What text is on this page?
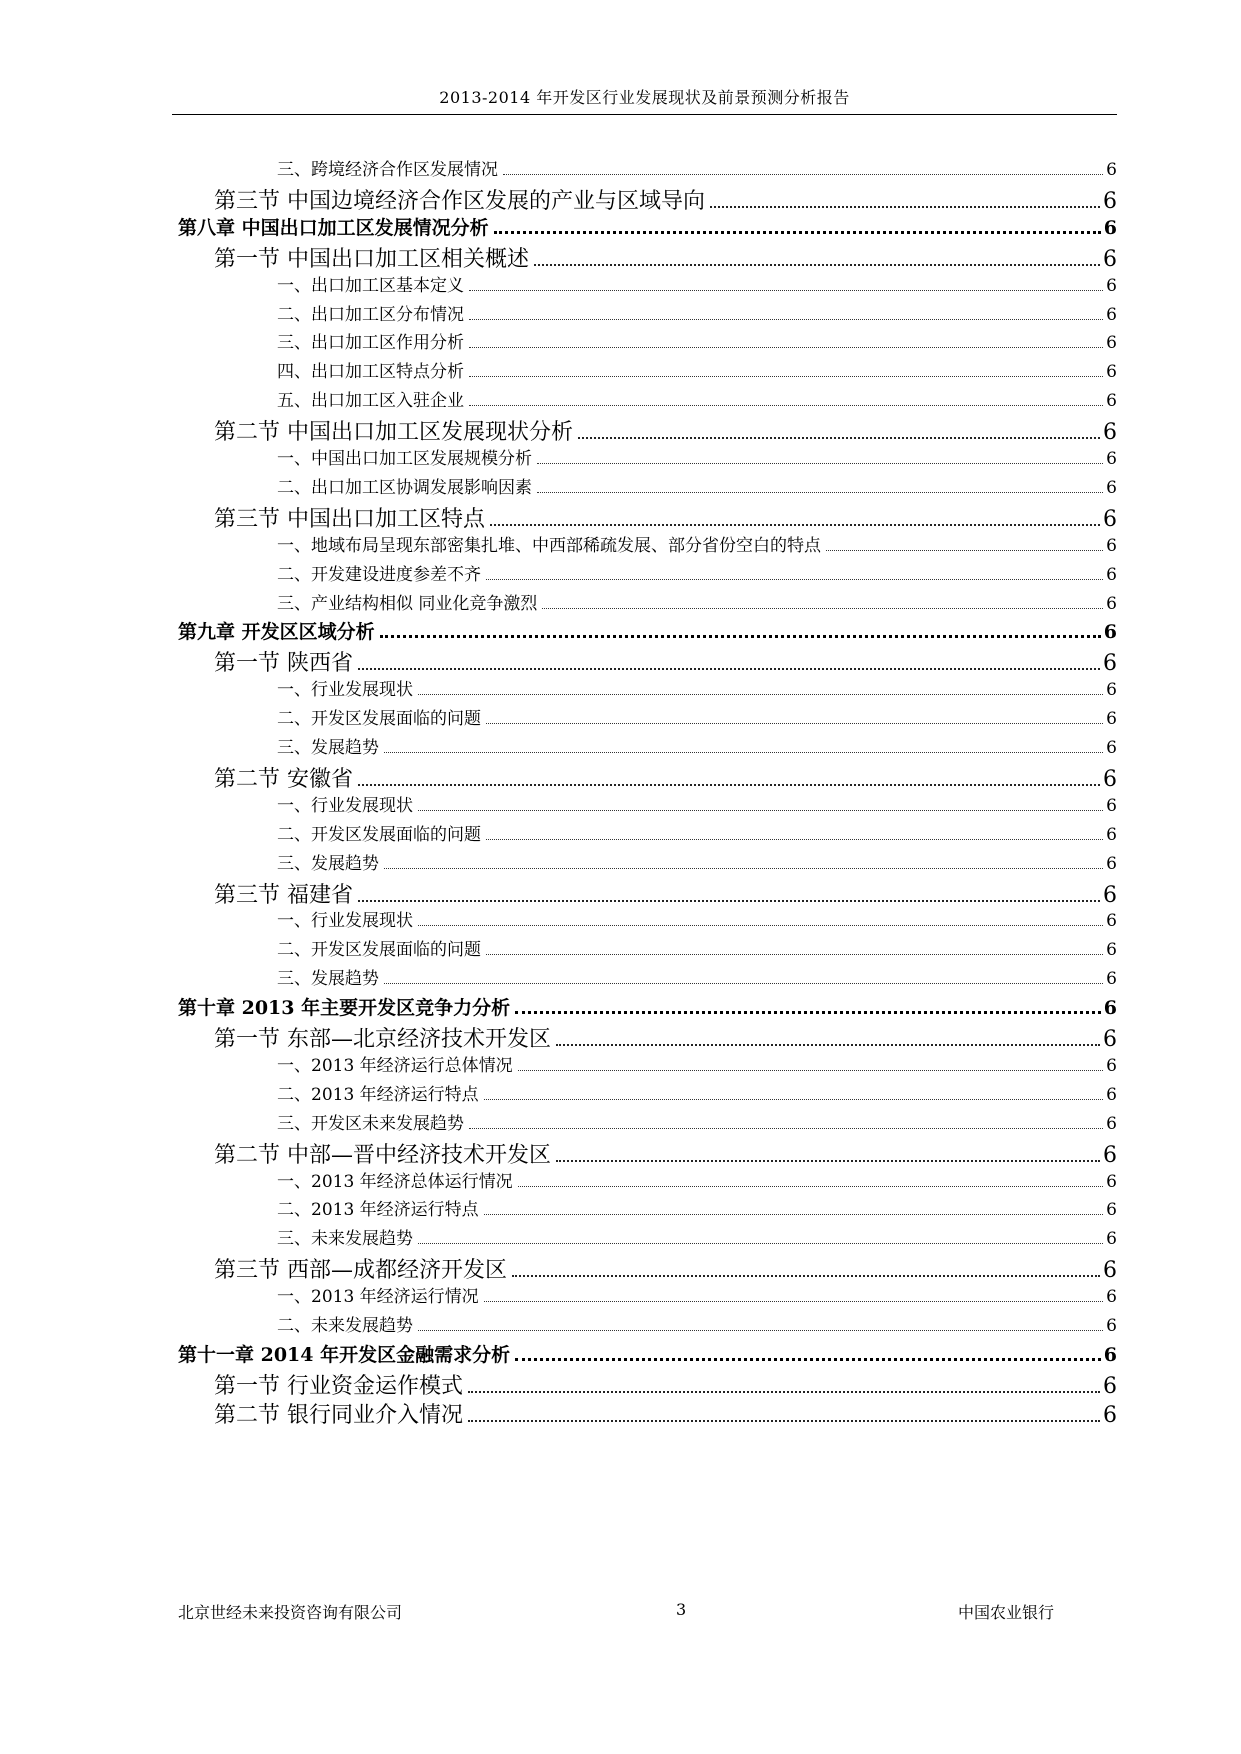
2013-2014 年开发区行业发展现状及前景预测分析报告
三、跨境经济合作区发展情况	6
第三节 中国边境经济合作区发展的产业与区域导向	6
第八章 中国出口加工区发展情况分析	6
第一节 中国出口加工区相关概述	6
一、出口加工区基本定义	6
二、出口加工区分布情况	6
三、出口加工区作用分析	6
四、出口加工区特点分析	6
五、出口加工区入驻企业	6
第二节 中国出口加工区发展现状分析	6
一、中国出口加工区发展规模分析	6
二、出口加工区协调发展影响因素	6
第三节 中国出口加工区特点	6
一、地域布局呈现东部密集扎堆、中西部稀疏发展、部分省份空白的特点	6
二、开发建设进度参差不齐	6
三、产业结构相似 同业化竞争激烈	6
第九章 开发区区域分析	6
第一节 陕西省	6
一、行业发展现状	6
二、开发区发展面临的问题	6
三、发展趋势	6
第二节 安徽省	6
一、行业发展现状	6
二、开发区发展面临的问题	6
三、发展趋势	6
第三节 福建省	6
一、行业发展现状	6
二、开发区发展面临的问题	6
三、发展趋势	6
第十章 2013 年主要开发区竞争力分析	6
第一节 东部—北京经济技术开发区	6
一、2013 年经济运行总体情况	6
二、2013 年经济运行特点	6
三、开发区未来发展趋势	6
第二节 中部—晋中经济技术开发区	6
一、2013 年经济总体运行情况	6
二、2013 年经济运行特点	6
三、未来发展趋势	6
第三节 西部—成都经济开发区	6
一、2013 年经济运行情况	6
二、未来发展趋势	6
第十一章 2014 年开发区金融需求分析	6
第一节 行业资金运作模式	6
第二节 银行同业介入情况	6
北京世经未来投资咨询有限公司	3	中国农业银行
